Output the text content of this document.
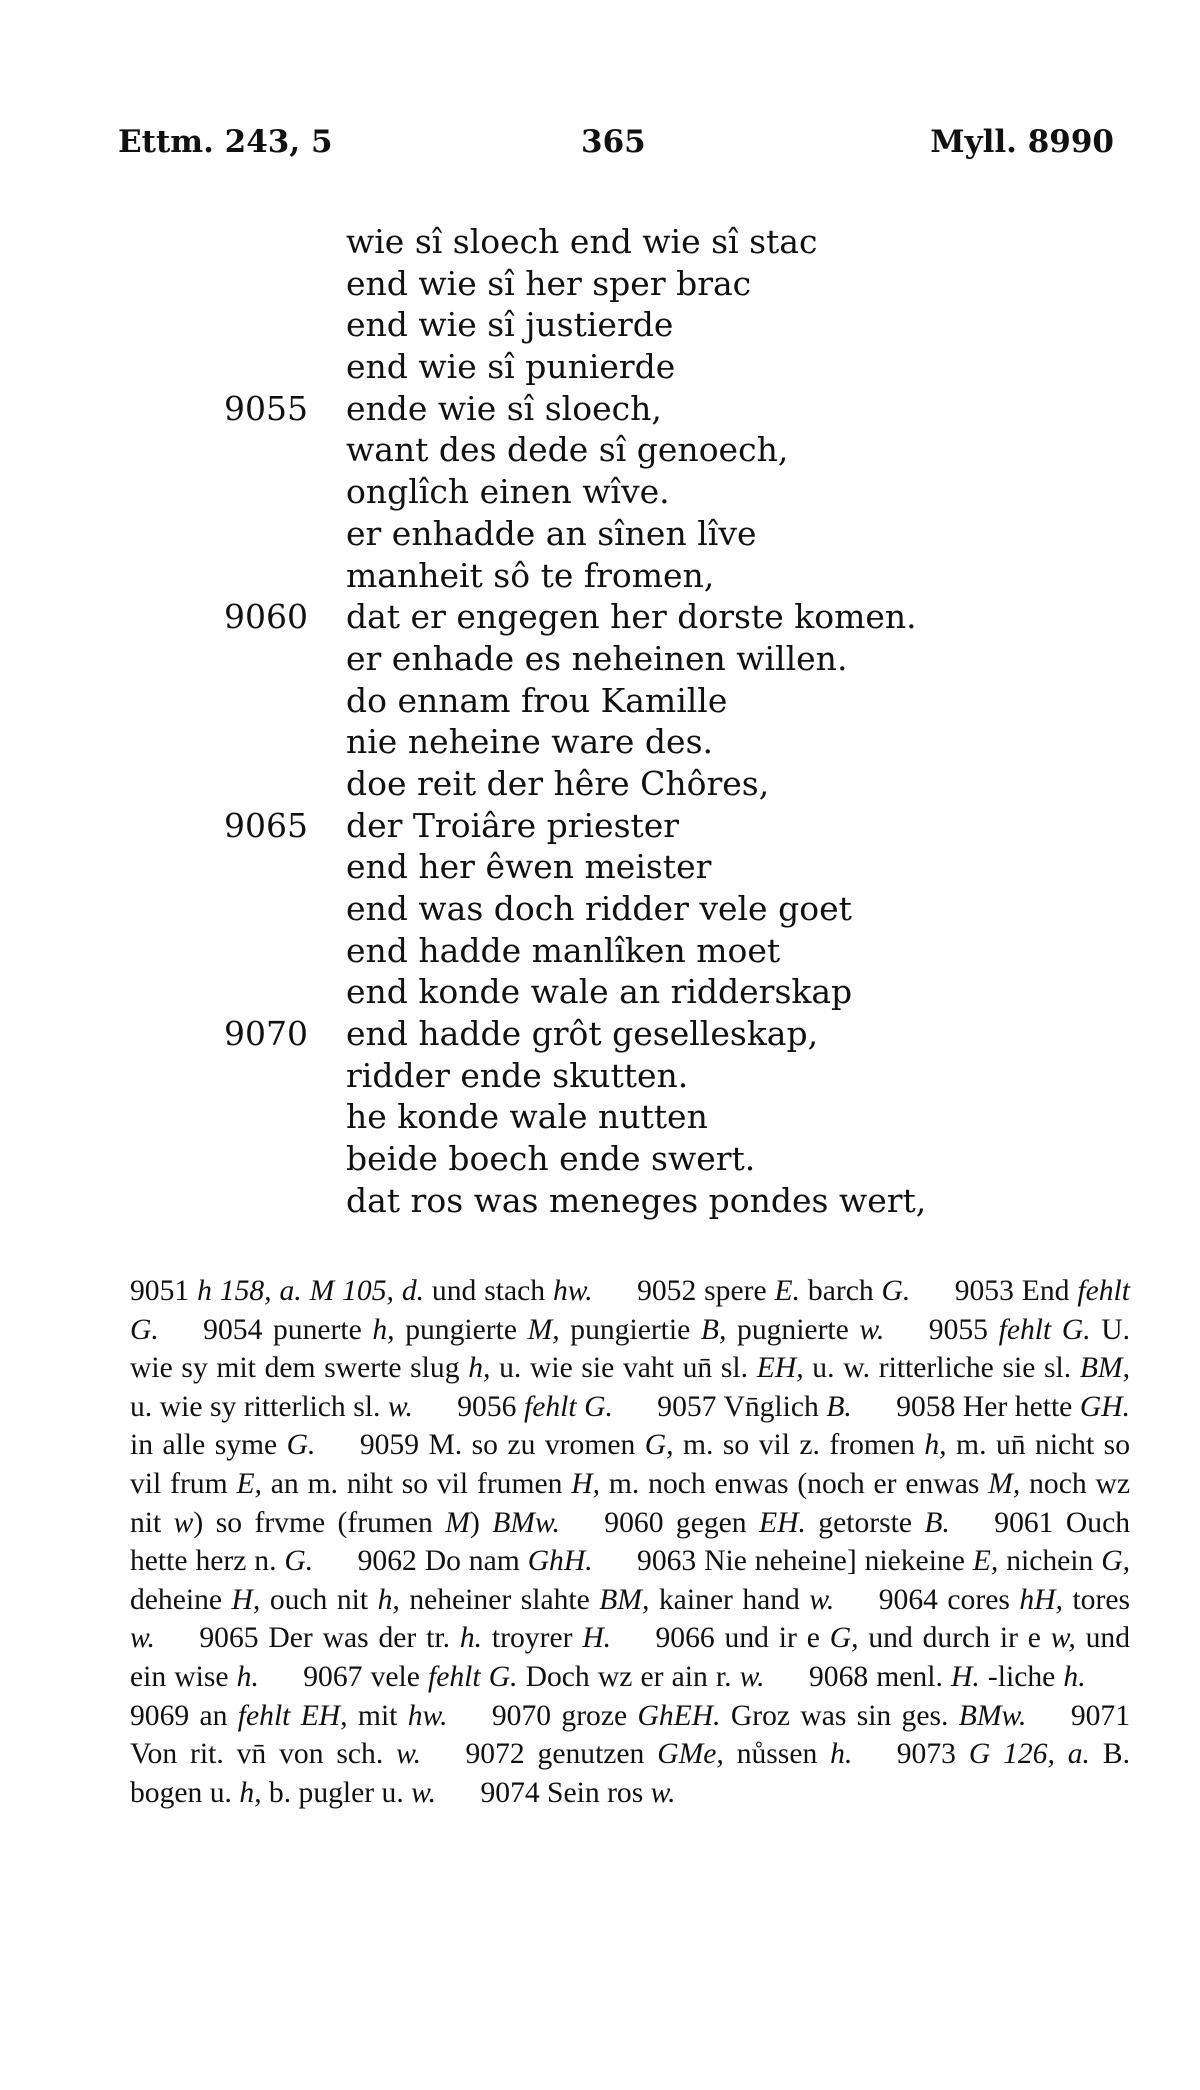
Ettm. 243, 5	365	Myll. 8990
wie sî sloech end wie sî stac
end wie sî her sper brac
end wie sî justierde
end wie sî punierde
9055	ende wie sî sloech,
want des dede sî genoech,
onglîch einen wîve.
er enhadde an sînen lîve
manheit sô te fromen,
9060	dat er engegen her dorste komen.
er enhade es neheinen willen.
do ennam frou Kamille
nie neheine ware des.
doe reit der hêre Chôres,
9065	der Troiâre priester
end her êwen meister
end was doch ridder vele goet
end hadde manlîken moet
end konde wale an ridderskap
9070	end hadde grôt geselleskap,
ridder ende skutten.
he konde wale nutten
beide boech ende swert.
dat ros was meneges pondes wert,
9051 h 158, a. M 105, d. und stach hw.   9052 spere E. barch G.   9053 End fehlt G.   9054 punerte h, pungierte M, pungiertie B, pugnierte w.   9055 fehlt G. U. wie sy mit dem swerte slug h, u. wie sie vaht un̄ sl. EH, u. w. ritterliche sie sl. BM, u. wie sy ritterlich sl. w.   9056 fehlt G.   9057 Vn̄glich B.   9058 Her hette GH. in alle syme G.   9059 M. so zu vromen G, m. so vil z. fromen h, m. un̄ nicht so vil frum E, an m. niht so vil frumen H, m. noch enwas (noch er enwas M, noch wz nit w) so frvme (frumen M) BMw.   9060 gegen EH. getorste B.   9061 Ouch hette herz n. G.   9062 Do nam GhH.   9063 Nie neheine] niekeine E, nichein G, deheine H, ouch nit h, neheiner slahte BM, kainer hand w.   9064 cores hH, tores w.   9065 Der was der tr. h. troyrer H.   9066 und ir e G, und durch ir e w, und ein wise h.   9067 vele fehlt G. Doch wz er ain r. w.   9068 menl. H. -liche h.  9069 an fehlt EH, mit hw.   9070 groze GhEH. Groz was sin ges. BMw.   9071 Von rit. vn̄ von sch. w.   9072 genutzen GMe, nůssen h.   9073 G 126, a. B. bogen u. h, b. pugler u. w.   9074 Sein ros w.
